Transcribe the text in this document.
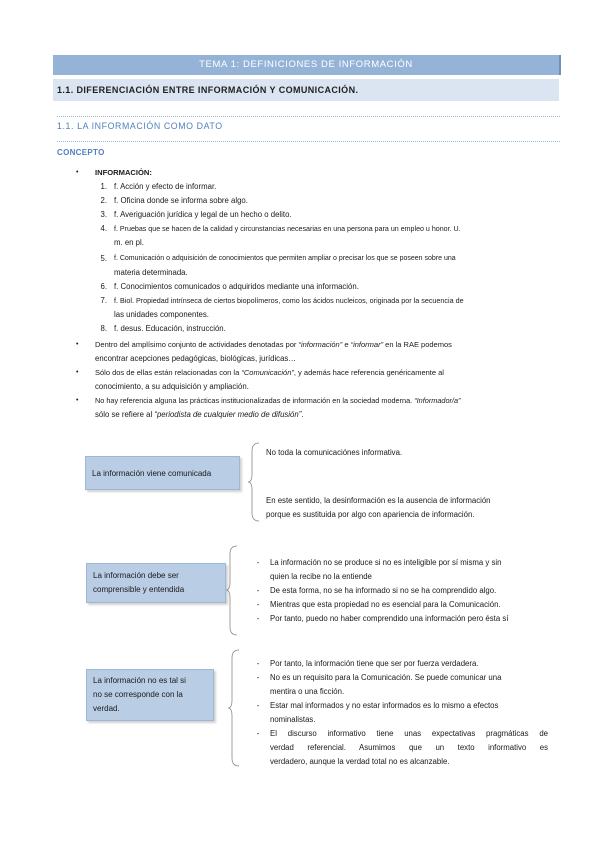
TEMA 1: DEFINICIONES DE INFORMACIÓN
1.1. DIFERENCIACIÓN ENTRE INFORMACIÓN Y COMUNICACIÓN.
1.1. LA INFORMACIÓN COMO DATO
CONCEPTO
• INFORMACIÓN:
1. f. Acción y efecto de informar.
2. f. Oficina donde se informa sobre algo.
3. f. Averiguación jurídica y legal de un hecho o delito.
4. f. Pruebas que se hacen de la calidad y circunstancias necesarias en una persona para un empleo u honor. U.
m. en pl.
5. f. Comunicación o adquisición de conocimientos que permiten ampliar o precisar los que se poseen sobre una
materia determinada.
6. f. Conocimientos comunicados o adquiridos mediante una información.
7. f. Biol. Propiedad intrínseca de ciertos biopolímeros, como los ácidos nucleicos, originada por la secuencia de
las unidades componentes.
8. f. desus. Educación, instrucción.
• Dentro del amplísimo conjunto de actividades denotadas por “información” e “informar” en la RAE podemos
encontrar acepciones pedagógicas, biológicas, jurídicas…
• Sólo dos de ellas están relacionadas con la “Comunicación”, y además hace referencia genéricamente al
conocimiento, a su adquisición y ampliación.
• No hay referencia alguna las prácticas institucionalizadas de información en la sociedad moderna. “Informador/a”
sólo se refiere al “periodista de cualquier medio de difusión”.
La información viene comunicada
No toda la comunicaciónes informativa.
En este sentido, la desinformación es la ausencia de información
porque es sustituida por algo con apariencia de información.
La información debe ser
comprensible y entendida
-	La información no se produce si no es inteligible por sí misma y sin
quien la recibe no la entiende
-	De esta forma, no se ha informado si no se ha comprendido algo.
-	Mientras que esta propiedad no es esencial para la Comunicación.
-	Por tanto, puedo no haber comprendido una información pero ésta sí
La información no es tal si
no se corresponde con la
verdad.
-	Por tanto, la información tiene que ser por fuerza verdadera.
-	No es un requisito para la Comunicación. Se puede comunicar una
mentira o una ficción.
-	Estar mal informados y no estar informados es lo mismo a efectos
nominalistas.
-	El discurso informativo tiene unas expectativas pragmáticas de
verdad referencial. Asumimos que un texto informativo es
verdadero, aunque la verdad total no es alcanzable.
